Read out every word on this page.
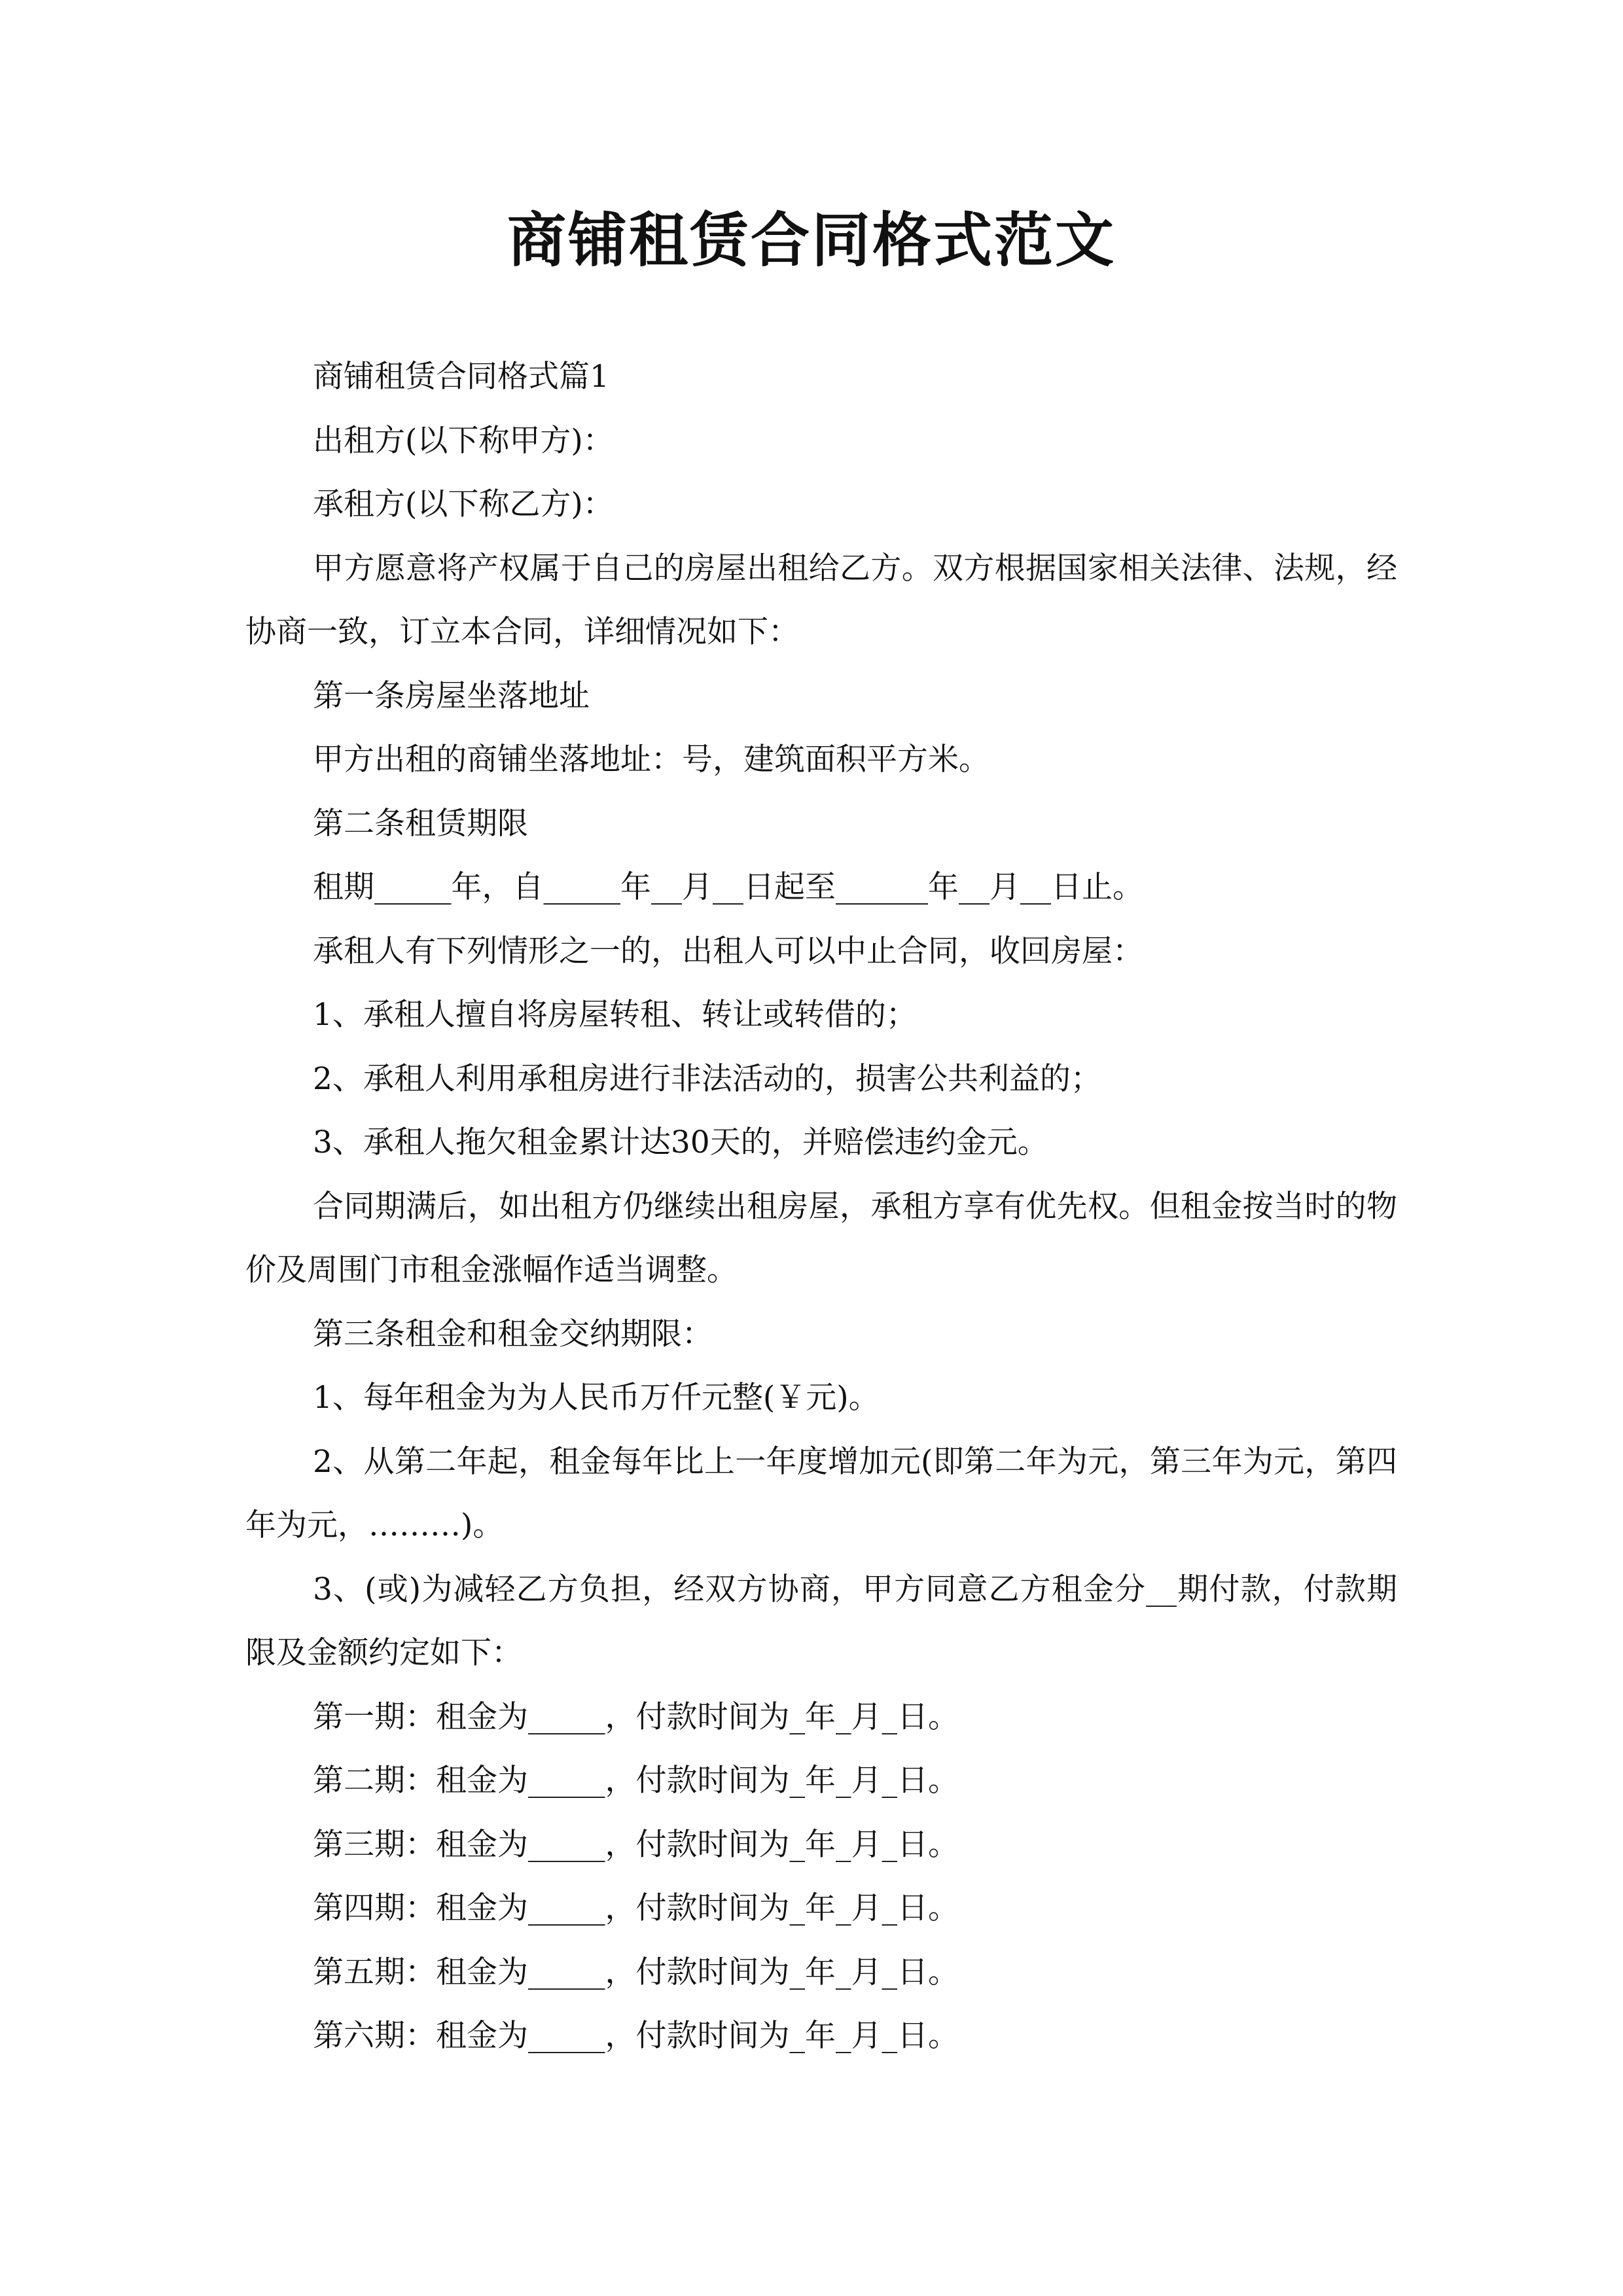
商铺租赁合同格式范文

商铺租赁合同格式篇1

出租方(以下称甲方)：

承租方(以下称乙方)：

甲方愿意将产权属于自己的房屋出租给乙方。双方根据国家相关法律、法规，经协商一致，订立本合同，详细情况如下：

第一条房屋坐落地址

甲方出租的商铺坐落地址：号，建筑面积平方米。

第二条租赁期限

租期_____年，自_____年__月__日起至______年__月__日止。

承租人有下列情形之一的，出租人可以中止合同，收回房屋：

1、承租人擅自将房屋转租、转让或转借的；

2、承租人利用承租房进行非法活动的，损害公共利益的；

3、承租人拖欠租金累计达30天的，并赔偿违约金元。

合同期满后，如出租方仍继续出租房屋，承租方享有优先权。但租金按当时的物价及周围门市租金涨幅作适当调整。

第三条租金和租金交纳期限：

1、每年租金为为人民币万仟元整(￥元)。

2、从第二年起，租金每年比上一年度增加元(即第二年为元，第三年为元，第四年为元，………)。

3、(或)为减轻乙方负担，经双方协商，甲方同意乙方租金分__期付款，付款期限及金额约定如下：

第一期：租金为_____，付款时间为_年_月_日。

第二期：租金为_____，付款时间为_年_月_日。

第三期：租金为_____，付款时间为_年_月_日。

第四期：租金为_____，付款时间为_年_月_日。

第五期：租金为_____，付款时间为_年_月_日。

第六期：租金为_____，付款时间为_年_月_日。
